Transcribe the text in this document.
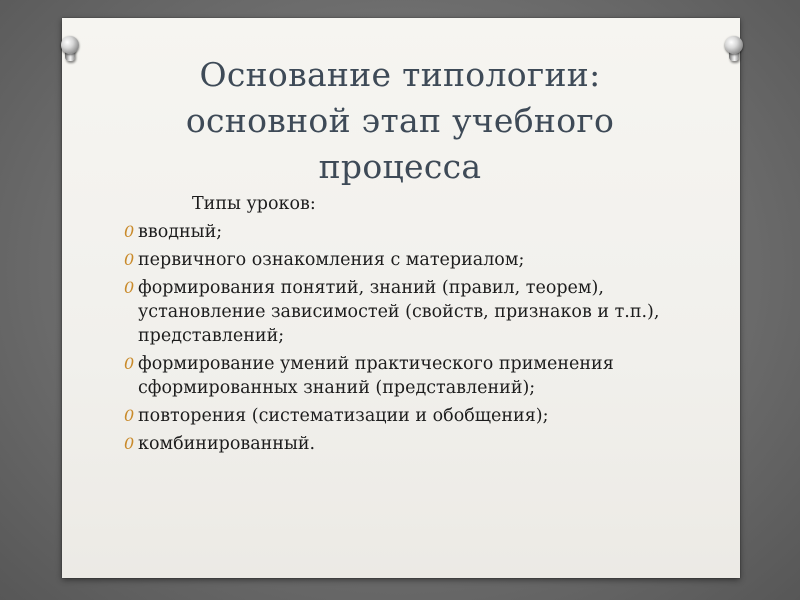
Основание типологии:
основной этап учебного
процесса

Типы уроков:

0 вводный;
0 первичного ознакомления с материалом;
0 формирования понятий, знаний (правил, теорем), установление зависимостей (свойств, признаков и т.п.), представлений;
0 формирование умений практического применения сформированных знаний (представлений);
0 повторения (систематизации и обобщения);
0 комбинированный.
